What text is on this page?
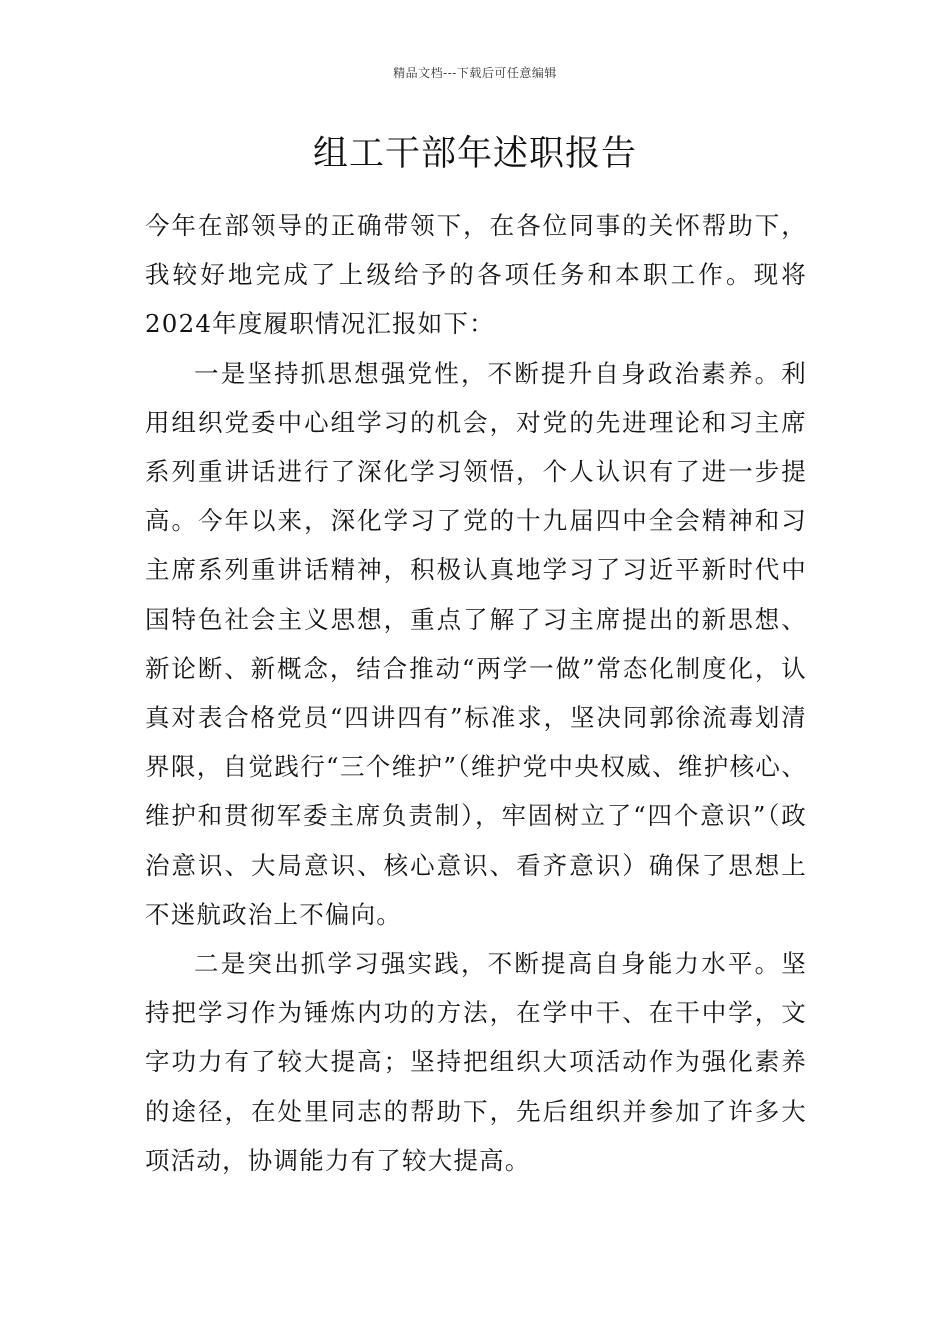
精品文档---下载后可任意编辑
组工干部年述职报告

今年在部领导的正确带领下，在各位同事的关怀帮助下，我较好地完成了上级给予的各项任务和本职工作。现将2024年度履职情况汇报如下：

一是坚持抓思想强党性，不断提升自身政治素养。利用组织党委中心组学习的机会，对党的先进理论和习主席系列重讲话进行了深化学习领悟，个人认识有了进一步提高。今年以来，深化学习了党的十九届四中全会精神和习主席系列重讲话精神，积极认真地学习了习近平新时代中国特色社会主义思想，重点了解了习主席提出的新思想、新论断、新概念，结合推动“两学一做”常态化制度化，认真对表合格党员“四讲四有”标准求，坚决同郭徐流毒划清界限，自觉践行“三个维护”（维护党中央权威、维护核心、维护和贯彻军委主席负责制），牢固树立了“四个意识”（政治意识、大局意识、核心意识、看齐意识）确保了思想上不迷航政治上不偏向。

二是突出抓学习强实践，不断提高自身能力水平。坚持把学习作为锤炼内功的方法，在学中干、在干中学，文字功力有了较大提高；坚持把组织大项活动作为强化素养的途径，在处里同志的帮助下，先后组织并参加了许多大项活动，协调能力有了较大提高。
